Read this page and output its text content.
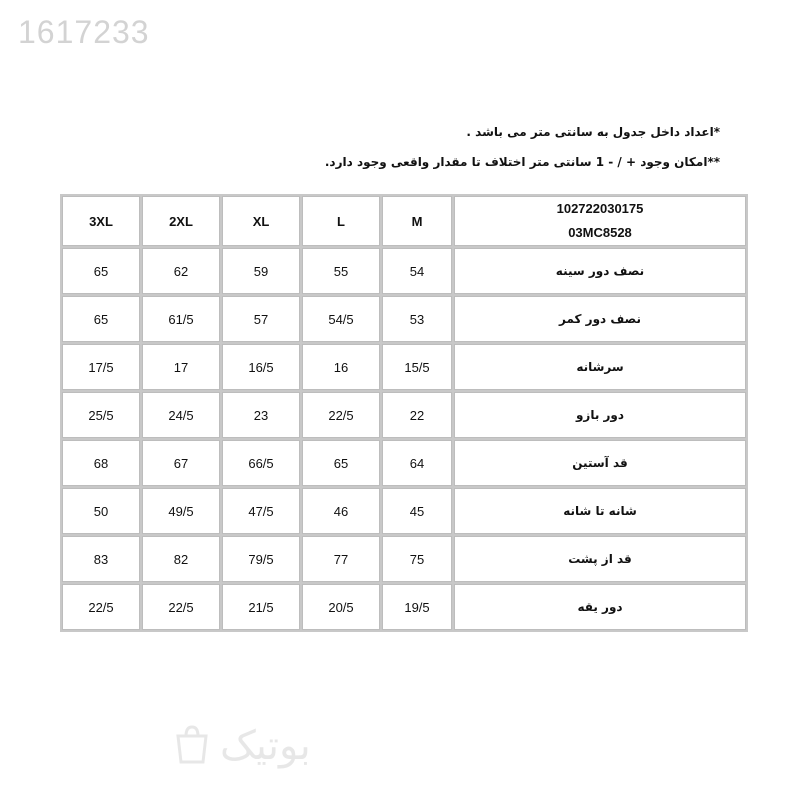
1617233
*اعداد داخل جدول به سانتی متر می باشد .
**امکان وجود + / - 1 سانتی متر اختلاف تا مقدار واقعی وجود دارد.
3XL	2XL	XL	L	M	102722030175
03MC8528

65	62	59	55	54	نصف دور سینه
65	61/5	57	54/5	53	نصف دور کمر
17/5	17	16/5	16	15/5	سرشانه
25/5	24/5	23	22/5	22	دور بازو
68	67	66/5	65	64	قد آستین
50	49/5	47/5	46	45	شانه تا شانه
83	82	79/5	77	75	قد از پشت
22/5	22/5	21/5	20/5	19/5	دور یقه
بوتیک
